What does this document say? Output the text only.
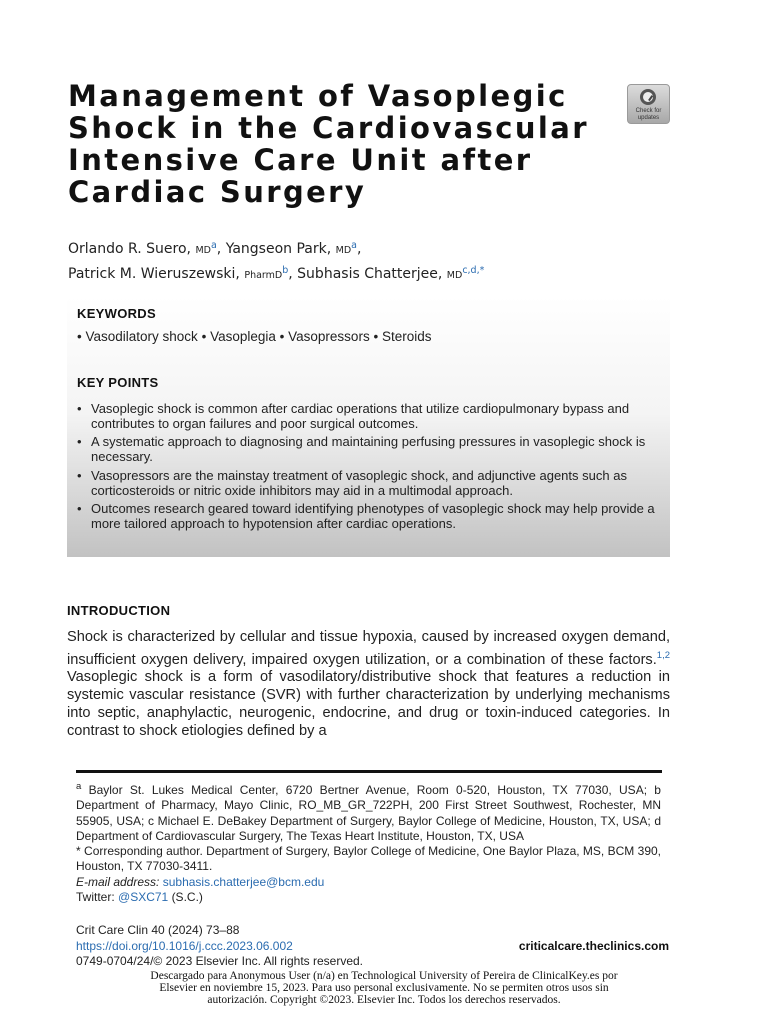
Management of Vasoplegic Shock in the Cardiovascular Intensive Care Unit after Cardiac Surgery
Check for
updates
Orlando R. Suero, MD$^a$, Yangseon Park, MD$^a$,
Patrick M. Wieruszewski, PharmD$^b$, Subhasis Chatterjee, MD$^{c,d,*}$
KEYWORDS
• Vasodilatory shock • Vasoplegia • Vasopressors • Steroids
KEY POINTS
• Vasoplegic shock is common after cardiac operations that utilize cardiopulmonary bypass and contributes to organ failures and poor surgical outcomes.
• A systematic approach to diagnosing and maintaining perfusing pressures in vasoplegic shock is necessary.
• Vasopressors are the mainstay treatment of vasoplegic shock, and adjunctive agents such as corticosteroids or nitric oxide inhibitors may aid in a multimodal approach.
• Outcomes research geared toward identifying phenotypes of vasoplegic shock may help provide a more tailored approach to hypotension after cardiac operations.
INTRODUCTION

Shock is characterized by cellular and tissue hypoxia, caused by increased oxygen demand, insufficient oxygen delivery, impaired oxygen utilization, or a combination of these factors.$^{1,2}$ Vasoplegic shock is a form of vasodilatory/distributive shock that features a reduction in systemic vascular resistance (SVR) with further characterization by underlying mechanisms into septic, anaphylactic, neurogenic, endocrine, and drug or toxin-induced categories. In contrast to shock etiologies defined by a

$^a$ Baylor St. Lukes Medical Center, 6720 Bertner Avenue, Room 0-520, Houston, TX 77030, USA; b Department of Pharmacy, Mayo Clinic, RO_MB_GR_722PH, 200 First Street Southwest, Rochester, MN 55905, USA; c Michael E. DeBakey Department of Surgery, Baylor College of Medicine, Houston, TX, USA; d Department of Cardiovascular Surgery, The Texas Heart Institute, Houston, TX, USA

* Corresponding author. Department of Surgery, Baylor College of Medicine, One Baylor Plaza, MS, BCM 390, Houston, TX 77030-3411.

E-mail address: subhasis.chatterjee@bcm.edu

Twitter: @SXC71 (S.C.)

Crit Care Clin 40 (2024) 73–88

https://doi.org/10.1016/j.ccc.2023.06.002

0749-0704/24/© 2023 Elsevier Inc. All rights reserved.

criticalcare.theclinics.com
Descargado para Anonymous User (n/a) en Technological University of Pereira de ClinicalKey.es por Elsevier en noviembre 15, 2023. Para uso personal exclusivamente. No se permiten otros usos sin autorización. Copyright ©2023. Elsevier Inc. Todos los derechos reservados.
